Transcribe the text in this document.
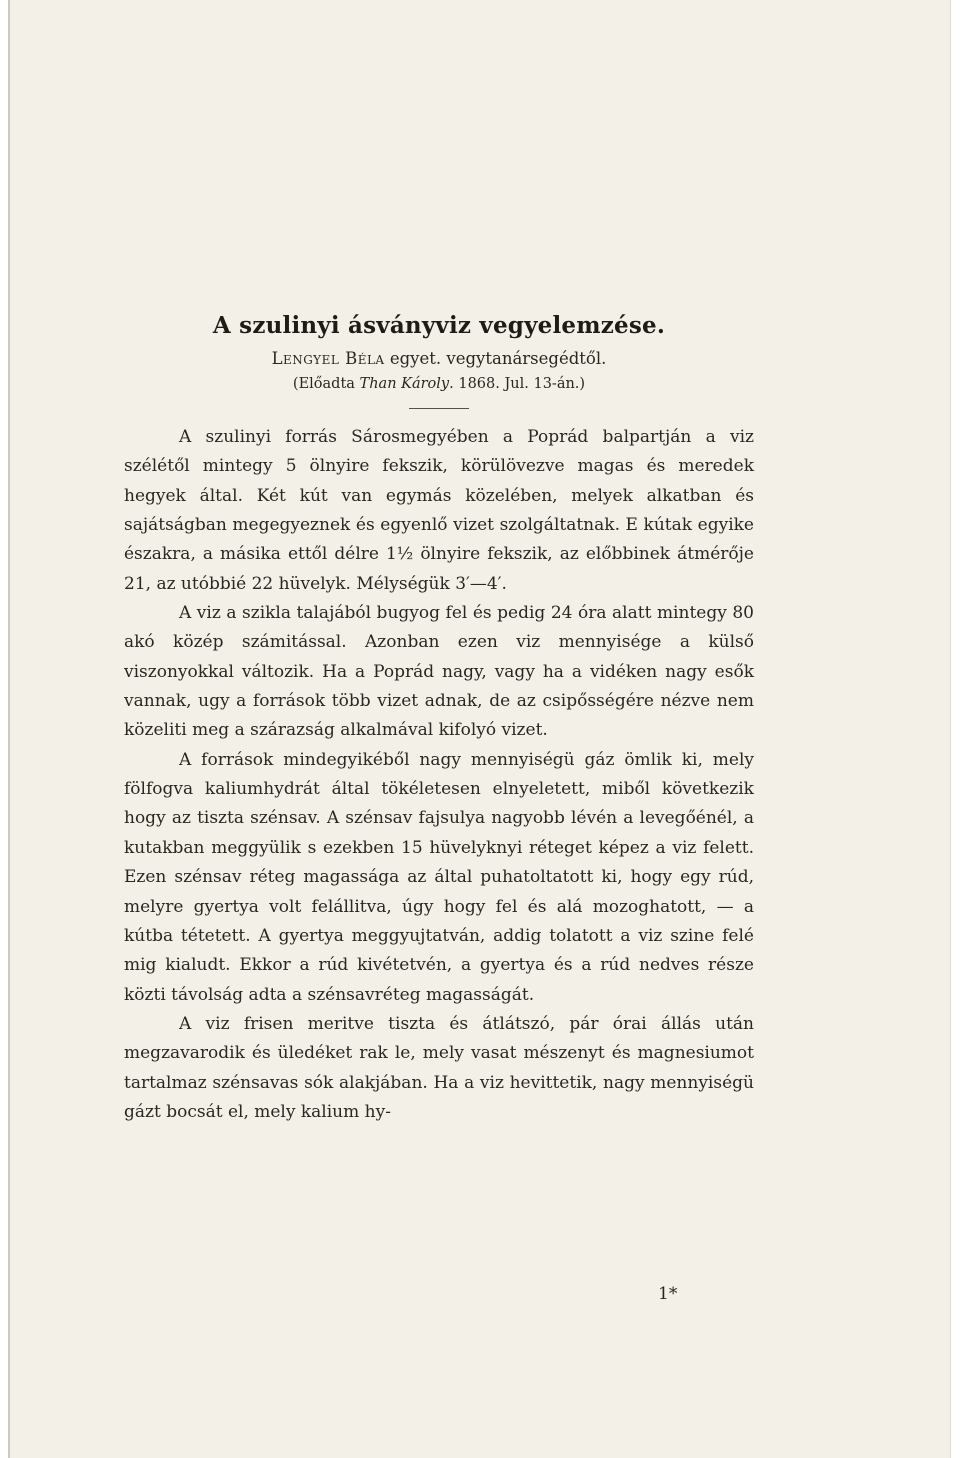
A szulinyi ásványviz vegyelemzése.
Lengyel Béla egyet. vegytanársegédtől.
(Előadta Than Károly. 1868. Jul. 13-án.)

A szulinyi forrás Sárosmegyében a Poprád balpartján a viz szélétől mintegy 5 ölnyire fekszik, körülövezve magas és meredek hegyek által. Két kút van egymás közelében, melyek alkatban és sajátságban megegyeznek és egyenlő vizet szolgáltatnak. E kútak egyike északra, a másika ettől délre 1½ ölnyire fekszik, az előbbinek átmérője 21, az utóbbié 22 hüvelyk. Mélységük 3′—4′.

A viz a szikla talajából bugyog fel és pedig 24 óra alatt mintegy 80 akó közép számitással. Azonban ezen viz mennyisége a külső viszonyokkal változik. Ha a Poprád nagy, vagy ha a vidéken nagy esők vannak, ugy a források több vizet adnak, de az csipősségére nézve nem közeliti meg a szárazság alkalmával kifolyó vizet.

A források mindegyikéből nagy mennyiségü gáz ömlik ki, mely fölfogva kaliumhydrát által tökéletesen elnyeletett, miből következik hogy az tiszta szénsav. A szénsav fajsulya nagyobb lévén a levegőénél, a kutakban meggyülik s ezekben 15 hüvelyknyi réteget képez a viz felett. Ezen szénsav réteg magassága az által puhatoltatott ki, hogy egy rúd, melyre gyertya volt felállitva, úgy hogy fel és alá mozoghatott, — a kútba tétetett. A gyertya meggyujtatván, addig tolatott a viz szine felé mig kialudt. Ekkor a rúd kivétetvén, a gyertya és a rúd nedves része közti távolság adta a szénsavréteg magasságát.

A viz frisen meritve tiszta és átlátszó, pár órai állás után megzavarodik és üledéket rak le, mely vasat mészenyt és magnesiumot tartalmaz szénsavas sók alakjában. Ha a viz hevittetik, nagy mennyiségü gázt bocsát el, mely kalium hy-

1*
